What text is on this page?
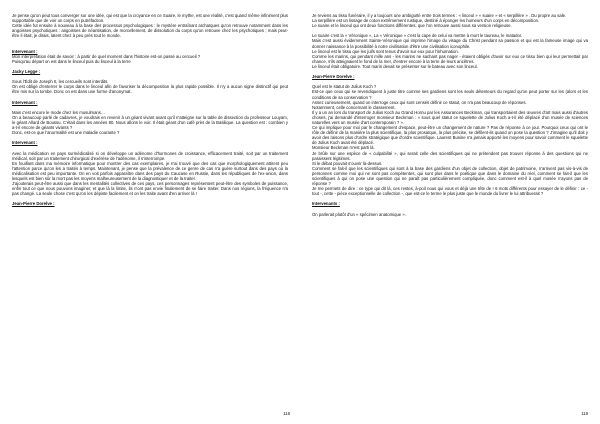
Je pense qu'on peut tous converger sur une idée, qui est que la croyance en ce Suaire, le mythe, est une réalité, c'est quand même infiniment plus supportable que de voir un corps en putréfaction.

Cette idée fut ensuite à nouveau à la base des processus psychologiques : le mystère entraînant archaïques qu'on retrouve notamment dans les angoisses psychotiques : angoisses de néantisation, de morcellement, de dissolution du corps qu'on retrouve chez les psychotiques ; mais peut-être il était, je dirais, latent chez à peu près tout le monde.

Intervenant :

Mon interprétation était de savoir : à partir de quel moment dans l'histoire est-on passé au cercueil ?

Puisqu'au départ on est dans le linceul puis du linceul à la terre

Jacky Legge :

Sous l'Édit de Joseph II, les cercueils sont interdits.

On est obligé d'enterrer le corps dans le linceul afin de favoriser la décomposition la plus rapide possible. Il n'y a aucun signe distinctif qui peut être mis sur la tombe. Donc on est dans une forme d'anonymat.

Intervenant :

Mais c'est encore le mode chez les musulmans…

On a beaucoup parlé de cadavres, je voudrais en revenir à un géant vivant avant qu'il n'atteigne sur la table de dissection du professeur Louyam, le géant Allard de Boussu. C'était dans les années 80. Nous allons le voir. Il était géant d'un café près de la Basilique. La question est : combien y a-t-il encore de géants vivants ?

Donc, est-ce que l'anormalité est une maladie courante ?

Intervenant :

Avec la médication en pays surmédicalisé si on développe un adénome d'hormones de croissance, efficacement traité, soit par un traitement médical, soit par un traitement chirurgical d'exérèse de l'adénome, il s'interrompe.

En fouillant dans ma mémoire informatique pour montrer des cas exemplaires, je n'ai trouvé que des cas que morphologiquement attirent peu l'attention parce qu'on les a traités à temps. Maintenant, je pense que la prévalence de ce genre de cas n'a guère surtout dans des pays où la médicalisation est peu importante. On en voit parfois apparaître dans des pays du Caucase en Russie, dans les républiques de l'ex-union, dans lesquels est bien sûr la mort pas les moyens malheureusement de la diagnostiquer et de la traiter.

J'ajouterais peut-être aussi que dans les mentalités collectives de ces pays, ces personnages représentent peut-être des symboles de puissance, enfin tout ce que nous pouvons imaginer, et que là la limite, ils n'ont pas envie finalement de se faire traiter. Dans nos régions, la fréquence n'a pas changé. La seule chose c'est qu'on les dépiste facilement et on les traite avant d'en arriver là !

Jean-Pierre Dorelve :

118

Je reviens au tissu funéraire, il y a toujours une ambiguïté entre trois termes : « linceul » « suaire » et « serpillère » . Du propre au sale.

La serpillère est un lissage de coton extrêmement rustique, destiné à éponger les humeurs d'un corps en décomposition.

Le suaire et le linceul qui ont deux fonctions différentes, que l'on retrouve aussi sous sa version religieuse.

Le suaire c'est la « Véronique », La « Véronique » c'est la cape de celui va mettre à mort le taureau, le matador.

Mais c'est aussi évidemment Sainte-Véronique qui imprime l'image du visage du Christ pendant sa passion et qui est la fameuse image qui va donner naissance à la possibilité à notre civilisation d'être une civilisation iconophile.

Le linceul est le tissu que les juifs sont tenus d'avoir sur eux pour l'inhumation.

Comme les marins, qui pendant mille ans - les marins ne sachant pas nager - étaient obligés d'avoir sur eux ce tissu bien qui leur permettait par chance, s'ils atteignaient le fond de la mer, d'entrer encore à la terre de leurs ancêtres.

Le linceul était obligatoire. Tout marin devait se présenter sur le bateau avec son linceul.

Jean-Pierre Dorelve :

Quel est le statut de Julius Koch ?

Est-ce que ceux qui se revendiquent à juste titre comme ses gardiens sont les seuls détenteurs du regard qu'on peut porter sur les (alors et les conditions de sa conservation ?

Assez curieusement, quand on interroge ceux qui sont censés définir ce statut, on n'a pas beaucoup de réponses.

Notamment, celle concernant le classement.

Il y a un an lors du transport de Julius Koch au Grand Hornu par les Assurances Beckman, qui transportaient des œuvres d'art mais aussi d'autres choses, j'ai demandé d'interroger monsieur Beckman : « sous quel statut ce squelette de Julius Koch a-t-il été déplacé d'un musée de sciences naturelles vers un musée d'art contemporain ? ».

Ce qui implique pour moi par le changement d'espace, peut-être un changement de nature ? Pas de réponse à ce jour. Pourquoi ceux qui ont le rôle de définir de la manière la plus scientifique, la plus prosaïque, la plus précise, se défilent-ils quand on pose la question ? J'imagine qu'il doit y avoir des raisons plus d'ordre stratégique que d'ordre scientifique. Laurent Busine n'a jamais apporté les moyens pour savoir comment le squelette de Julius Koch avait été déplacé.

Monsieur Beckman m'est parti là.

Je brûle sur une espèce de « culpabilité », qui serait celle des scientifiques qui ne prétendent pas trouver réponse à des questions qui ne paraissent légitimes.

Si le débat pouvait s'ouvrir là-dessus.

Comment se fait-il que les scientifiques qui sont à la base des gardiens d'un objet de collection, objet de patrimoine, n'arrivent pas vis-à-vis de personnes comme moi qui ne sont pas compétentes, qui sont plus dans le poétique que dans le domaine du réel, comment se fait-il que les scientifiques à qui on pose une question qui ne paraît pas particulièrement compliquée, donc comment est-il à quel musée n'ayons pas de réponse ?

Je me permets de dire : ce type qui dit là, ces restes, à-poil nous qui vous et déjà une tête de ! 6 mots différents pour essayer de le définir : ce - tout -, cette - pièce exceptionnelle de collection -, que est-ce le terme le plus juste que le monde du livrer le lui attribuerait ?

Intervenants :

On parlerait plutôt d'un « spécimen anatomique ».

119
